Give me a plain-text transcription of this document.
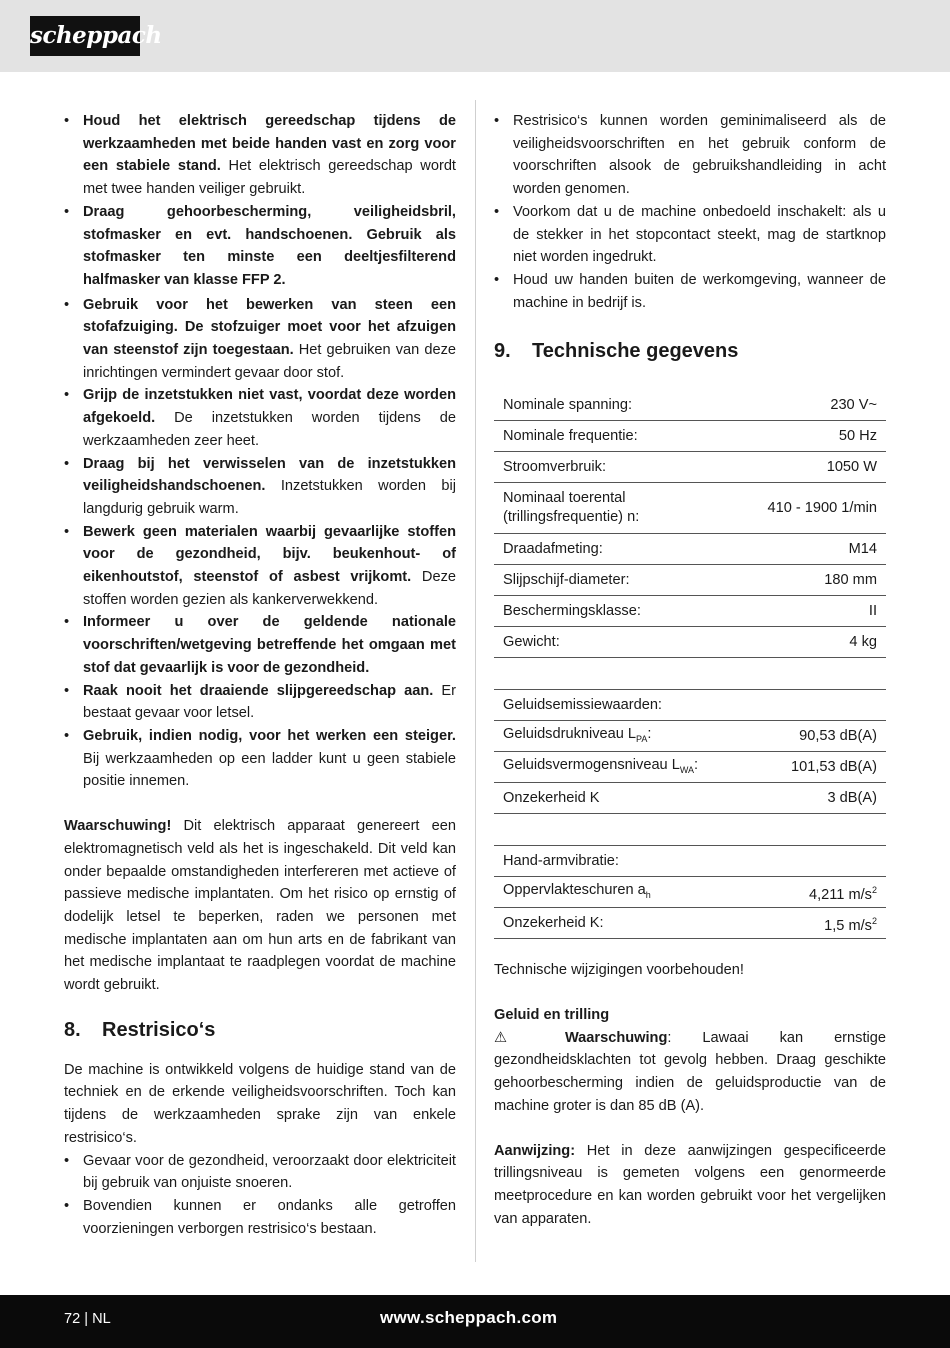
scheppach
• Houd het elektrisch gereedschap tijdens de werkzaamheden met beide handen vast en zorg voor een stabiele stand. Het elektrisch gereedschap wordt met twee handen veiliger gebruikt.
• Draag gehoorbescherming, veiligheidsbril, stofmasker en evt. handschoenen. Gebruik als stofmasker ten minste een deeltjesfilterend halfmasker van klasse FFP 2.
• Gebruik voor het bewerken van steen een stofafzuiging. De stofzuiger moet voor het afzuigen van steenstof zijn toegestaan. Het gebruiken van deze inrichtingen vermindert gevaar door stof.
• Grijp de inzetstukken niet vast, voordat deze worden afgekoeld. De inzetstukken worden tijdens de werkzaamheden zeer heet.
• Draag bij het verwisselen van de inzetstukken veiligheidshandschoenen. Inzetstukken worden bij langdurig gebruik warm.
• Bewerk geen materialen waarbij gevaarlijke stoffen voor de gezondheid, bijv. beukenhout- of eikenhoutstof, steenstof of asbest vrijkomt. Deze stoffen worden gezien als kankerverwekkend.
• Informeer u over de geldende nationale voorschriften/wetgeving betreffende het omgaan met stof dat gevaarlijk is voor de gezondheid.
• Raak nooit het draaiende slijpgereedschap aan. Er bestaat gevaar voor letsel.
• Gebruik, indien nodig, voor het werken een steiger. Bij werkzaamheden op een ladder kunt u geen stabiele positie innemen.

Waarschuwing! Dit elektrisch apparaat genereert een elektromagnetisch veld als het is ingeschakeld. Dit veld kan onder bepaalde omstandigheden interfereren met actieve of passieve medische implantaten. Om het risico op ernstig of dodelijk letsel te beperken, raden we personen met medische implantaten aan om hun arts en de fabrikant van het medische implantaat te raadplegen voordat de machine wordt gebruikt.

8. Restrisico‘s

De machine is ontwikkeld volgens de huidige stand van de techniek en de erkende veiligheidsvoorschriften. Toch kan tijdens de werkzaamheden sprake zijn van enkele restrisico‘s.

• Gevaar voor de gezondheid, veroorzaakt door elektriciteit bij gebruik van onjuiste snoeren.
• Bovendien kunnen er ondanks alle getroffen voorzieningen verborgen restrisico‘s bestaan.
• Restrisico‘s kunnen worden geminimaliseerd als de veiligheidsvoorschriften en het gebruik conform de voorschriften alsook de gebruikshandleiding in acht worden genomen.
• Voorkom dat u de machine onbedoeld inschakelt: als u de stekker in het stopcontact steekt, mag de startknop niet worden ingedrukt.
• Houd uw handen buiten de werkomgeving, wanneer de machine in bedrijf is.
9. Technische gegevens
Nominale spanning:	230 V~
Nominale frequentie:	50 Hz
Stroomverbruik:	1050 W
Nominaal toerental (trillingsfrequentie) n:	410 - 1900 1/min
Draadafmeting:	M14
Slijpschijf-diameter:	180 mm
Beschermingsklasse:	II
Gewicht:	4 kg
Geluidsemissiewaarden:	
Geluidsdrukniveau $L_{PA}$:	90,53 dB(A)
Geluidsvermogensniveau $L_{WA}$:	101,53 dB(A)
Onzekerheid K	3 dB(A)
Hand-armvibratie:	
Oppervlakteschuren $a_h$	4,211 $m/s^2$
Onzekerheid K:	1,5 $m/s^2$

Technische wijzigingen voorbehouden!

Geluid en trilling

⚠ Waarschuwing: Lawaai kan ernstige gezondheidsklachten tot gevolg hebben. Draag geschikte gehoorbescherming indien de geluidsproductie van de machine groter is dan 85 dB (A).

Aanwijzing: Het in deze aanwijzingen gespecificeerde trillingsniveau is gemeten volgens een genormeerde meetprocedure en kan worden gebruikt voor het vergelijken van apparaten.

72 | NL	www.scheppach.com
